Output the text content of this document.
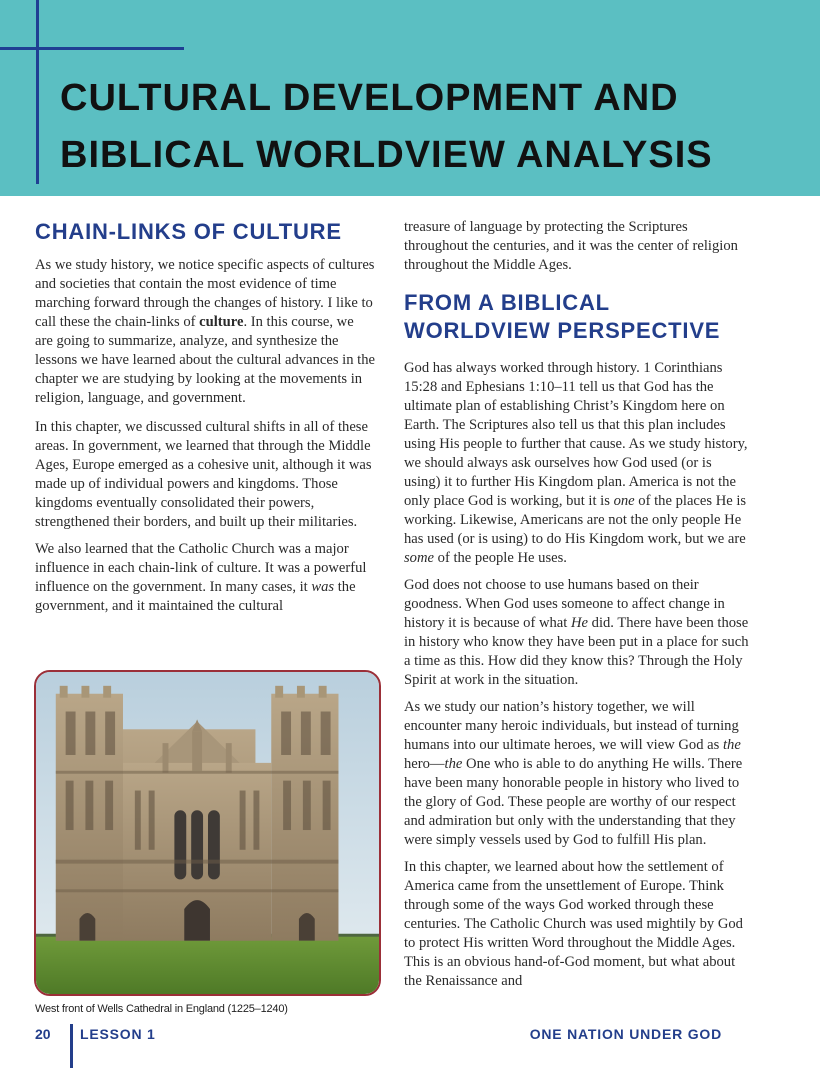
CULTURAL DEVELOPMENT AND
BIBLICAL WORLDVIEW ANALYSIS
CHAIN-LINKS OF CULTURE

As we study history, we notice specific aspects of cultures and societies that contain the most evidence of time marching forward through the changes of history. I like to call these the chain-links of culture. In this course, we are going to summarize, analyze, and synthesize the lessons we have learned about the cultural advances in the chapter we are studying by looking at the movements in religion, language, and government.

In this chapter, we discussed cultural shifts in all of these areas. In government, we learned that through the Middle Ages, Europe emerged as a cohesive unit, although it was made up of individual powers and kingdoms. Those kingdoms eventually consolidated their powers, strengthened their borders, and built up their militaries.

We also learned that the Catholic Church was a major influence in each chain-link of culture. It was a powerful influence on the government. In many cases, it was the government, and it maintained the cultural

West front of Wells Cathedral in England (1225–1240)

treasure of language by protecting the Scriptures throughout the centuries, and it was the center of religion throughout the Middle Ages.

FROM A BIBLICAL
WORLDVIEW PERSPECTIVE

God has always worked through history. 1 Corinthians 15:28 and Ephesians 1:10–11 tell us that God has the ultimate plan of establishing Christ’s Kingdom here on Earth. The Scriptures also tell us that this plan includes using His people to further that cause. As we study history, we should always ask ourselves how God used (or is using) it to further His Kingdom plan. America is not the only place God is working, but it is one of the places He is working. Likewise, Americans are not the only people He has used (or is using) to do His Kingdom work, but we are some of the people He uses.

God does not choose to use humans based on their goodness. When God uses someone to affect change in history it is because of what He did. There have been those in history who know they have been put in a place for such a time as this. How did they know this? Through the Holy Spirit at work in the situation.

As we study our nation’s history together, we will encounter many heroic individuals, but instead of turning humans into our ultimate heroes, we will view God as the hero—the One who is able to do anything He wills. There have been many honorable people in history who lived to the glory of God. These people are worthy of our respect and admiration but only with the understanding that they were simply vessels used by God to fulfill His plan.

In this chapter, we learned about how the settlement of America came from the unsettlement of Europe. Think through some of the ways God worked through these centuries. The Catholic Church was used mightily by God to protect His written Word throughout the Middle Ages. This is an obvious hand-of-God moment, but what about the Renaissance and

20 LESSON 1	ONE NATION UNDER GOD
